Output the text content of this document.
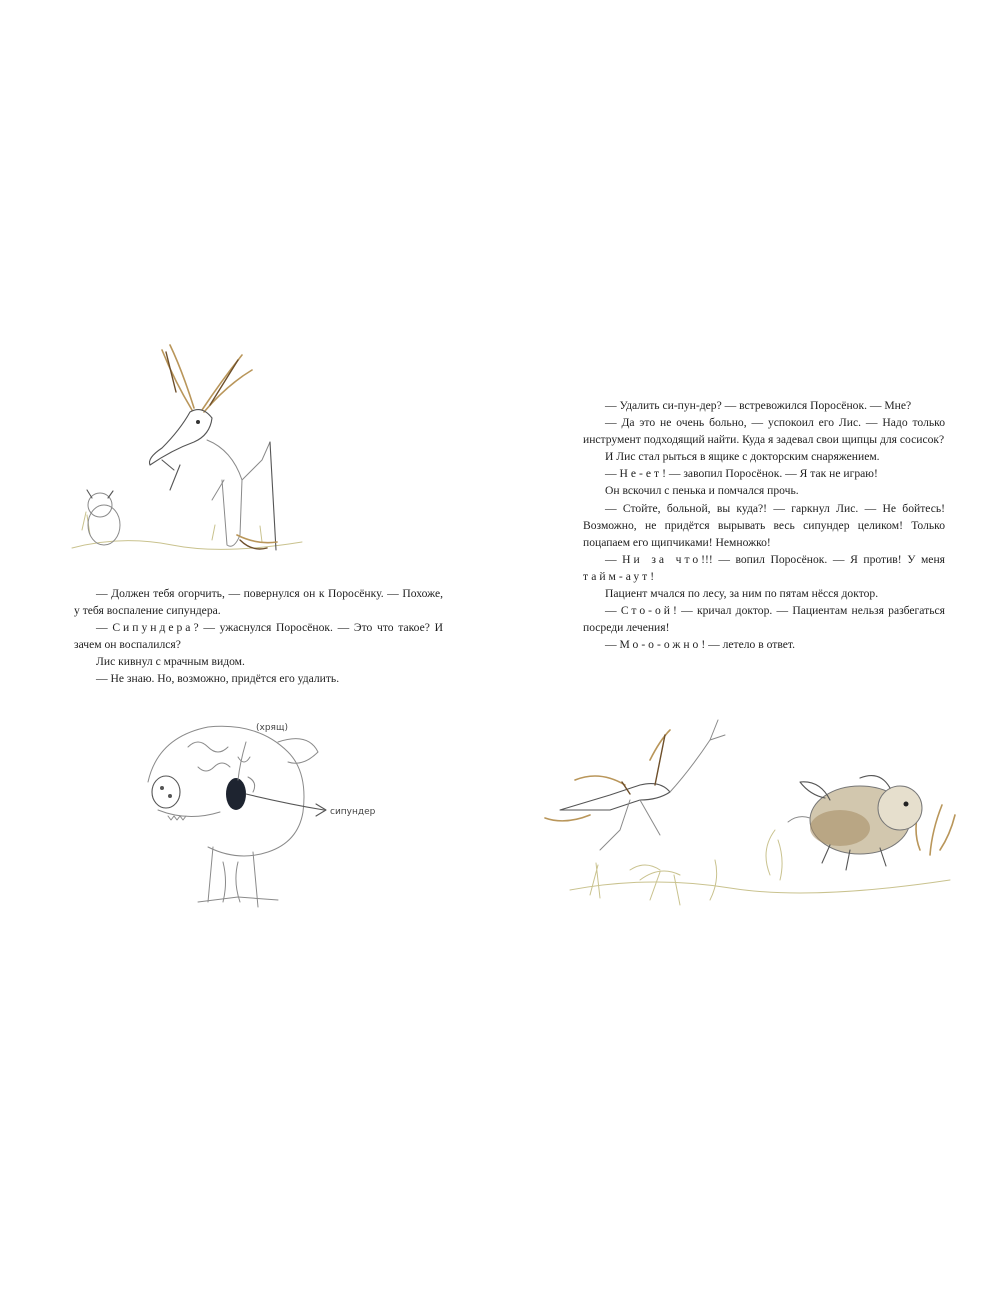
— Должен тебя огорчить, — повернулся он к Поросёнку. — Похоже, у тебя воспаление сипундера.

— Сипундера? — ужаснулся Поросёнок. — Это что такое? И зачем он воспалился?

Лис кивнул с мрачным видом.

— Не знаю. Но, возможно, придётся его удалить.

(хрящ)
сипундер

— Удалить си-пун-дер? — встревожился Поросёнок. — Мне?

— Да это не очень больно, — успокоил его Лис. — Надо только инструмент подходящий найти. Куда я задевал свои щипцы для сосисок?

И Лис стал рыться в ящике с докторским снаряжением.

— Не-ет! — завопил Поросёнок. — Я так не играю!

Он вскочил с пенька и помчался прочь.

— Стойте, больной, вы куда?! — гаркнул Лис. — Не бойтесь! Возможно, не придётся вырывать весь сипундер целиком! Только поцапаем его щипчиками! Немножко!

— Ни за что!!! — вопил Поросёнок. — Я против! У меня тайм-аут!

Пациент мчался по лесу, за ним по пятам нёсся доктор.

— Сто-ой! — кричал доктор. — Пациентам нельзя разбегаться посреди лечения!

— Мо-о-ожно! — летело в ответ.
